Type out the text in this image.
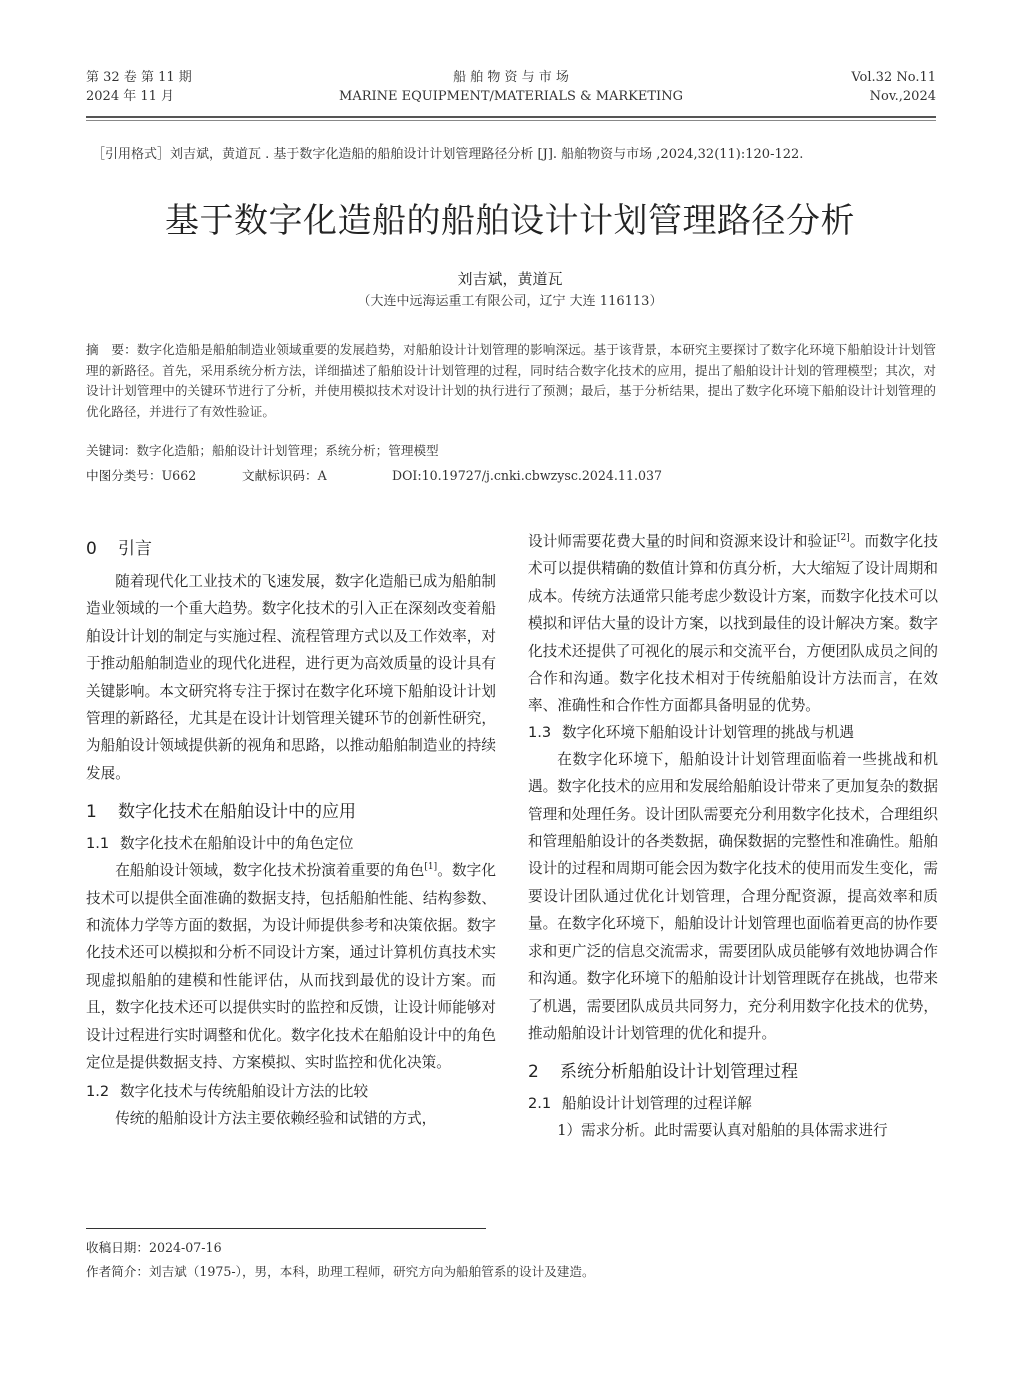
第 32 卷 第 11 期
2024 年 11 月
船 舶 物 资 与 市 场
MARINE EQUIPMENT/MATERIALS & MARKETING
Vol.32 No.11
Nov.,2024
［引用格式］刘吉斌，黄道瓦 . 基于数字化造船的船舶设计计划管理路径分析 [J]. 船舶物资与市场 ,2024,32(11):120-122.
基于数字化造船的船舶设计计划管理路径分析
刘吉斌，黄道瓦
（大连中远海运重工有限公司，辽宁 大连 116113）
摘　要：数字化造船是船舶制造业领域重要的发展趋势，对船舶设计计划管理的影响深远。基于该背景，本研究主要探讨了数字化环境下船舶设计计划管理的新路径。首先，采用系统分析方法，详细描述了船舶设计计划管理的过程，同时结合数字化技术的应用，提出了船舶设计计划的管理模型；其次，对设计计划管理中的关键环节进行了分析，并使用模拟技术对设计计划的执行进行了预测；最后，基于分析结果，提出了数字化环境下船舶设计计划管理的优化路径，并进行了有效性验证。
关键词：数字化造船；船舶设计计划管理；系统分析；管理模型
中图分类号：U662	文献标识码：A	DOI:10.19727/j.cnki.cbwzysc.2024.11.037
0 引言

随着现代化工业技术的飞速发展，数字化造船已成为船舶制造业领域的一个重大趋势。数字化技术的引入正在深刻改变着船舶设计计划的制定与实施过程、流程管理方式以及工作效率，对于推动船舶制造业的现代化进程，进行更为高效质量的设计具有关键影响。本文研究将专注于探讨在数字化环境下船舶设计计划管理的新路径，尤其是在设计计划管理关键环节的创新性研究，为船舶设计领域提供新的视角和思路，以推动船舶制造业的持续发展。

1 数字化技术在船舶设计中的应用
1.1 数字化技术在船舶设计中的角色定位

在船舶设计领域，数字化技术扮演着重要的角色[1]。数字化技术可以提供全面准确的数据支持，包括船舶性能、结构参数、和流体力学等方面的数据，为设计师提供参考和决策依据。数字化技术还可以模拟和分析不同设计方案，通过计算机仿真技术实现虚拟船舶的建模和性能评估，从而找到最优的设计方案。而且，数字化技术还可以提供实时的监控和反馈，让设计师能够对设计过程进行实时调整和优化。数字化技术在船舶设计中的角色定位是提供数据支持、方案模拟、实时监控和优化决策。

1.2 数字化技术与传统船舶设计方法的比较

传统的船舶设计方法主要依赖经验和试错的方式，

设计师需要花费大量的时间和资源来设计和验证[2]。而数字化技术可以提供精确的数值计算和仿真分析，大大缩短了设计周期和成本。传统方法通常只能考虑少数设计方案，而数字化技术可以模拟和评估大量的设计方案，以找到最佳的设计解决方案。数字化技术还提供了可视化的展示和交流平台，方便团队成员之间的合作和沟通。数字化技术相对于传统船舶设计方法而言，在效率、准确性和合作性方面都具备明显的优势。

1.3 数字化环境下船舶设计计划管理的挑战与机遇

在数字化环境下，船舶设计计划管理面临着一些挑战和机遇。数字化技术的应用和发展给船舶设计带来了更加复杂的数据管理和处理任务。设计团队需要充分利用数字化技术，合理组织和管理船舶设计的各类数据，确保数据的完整性和准确性。船舶设计的过程和周期可能会因为数字化技术的使用而发生变化，需要设计团队通过优化计划管理，合理分配资源，提高效率和质量。在数字化环境下，船舶设计计划管理也面临着更高的协作要求和更广泛的信息交流需求，需要团队成员能够有效地协调合作和沟通。数字化环境下的船舶设计计划管理既存在挑战，也带来了机遇，需要团队成员共同努力，充分利用数字化技术的优势，推动船舶设计计划管理的优化和提升。

2 系统分析船舶设计计划管理过程
2.1 船舶设计计划管理的过程详解

1）需求分析。此时需要认真对船舶的具体需求进行

收稿日期：2024-07-16
作者简介：刘吉斌（1975-），男，本科，助理工程师，研究方向为船舶管系的设计及建造。
